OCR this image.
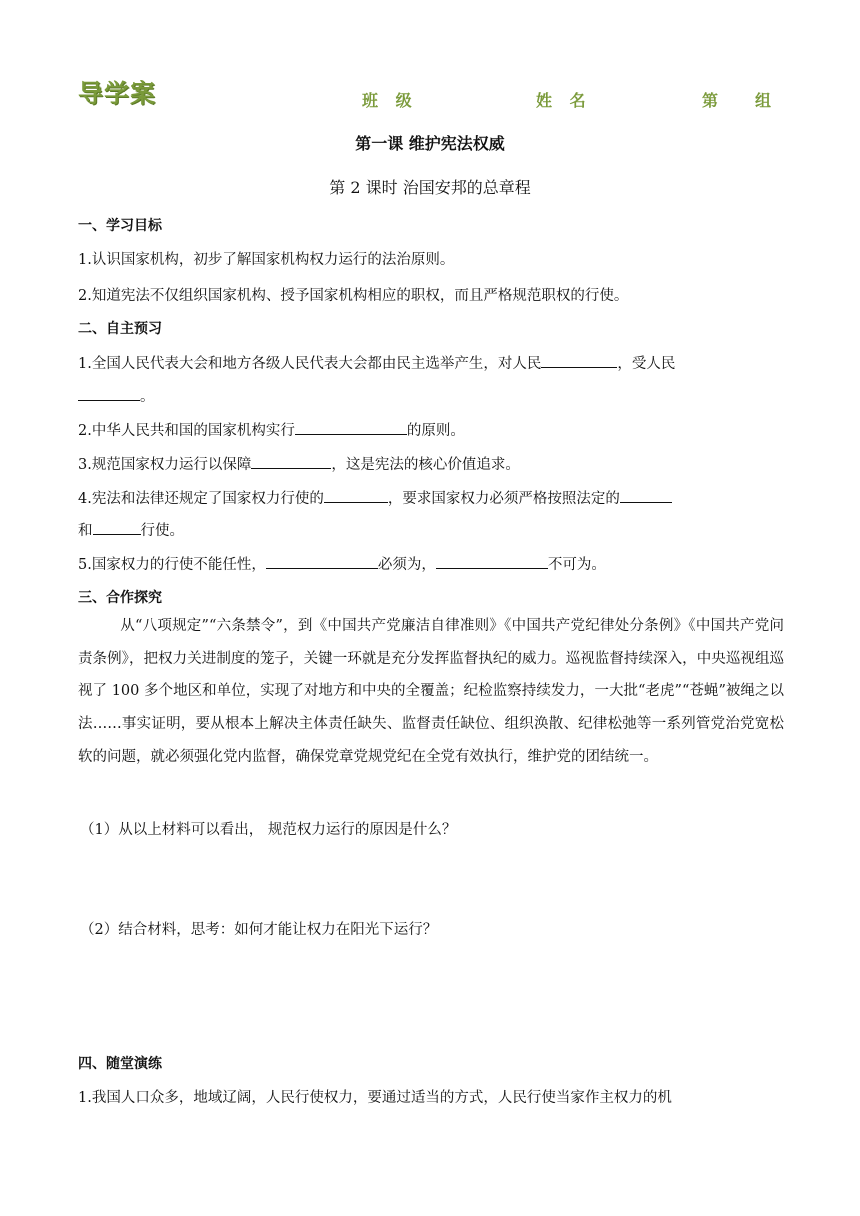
导学案	班 级	姓 名	第 组
第一课 维护宪法权威
第 2 课时 治国安邦的总章程
一、学习目标
1.认识国家机构，初步了解国家机构权力运行的法治原则。
2.知道宪法不仅组织国家机构、授予国家机构相应的职权，而且严格规范职权的行使。
二、自主预习
1.全国人民代表大会和地方各级人民代表大会都由民主选举产生，对人民	，受人民
。
2.中华人民共和国的国家机构实行	的原则。
3.规范国家权力运行以保障	，这是宪法的核心价值追求。
4.宪法和法律还规定了国家权力行使的	，要求国家权力必须严格按照法定的
和	行使。
5.国家权力的行使不能任性，	必须为，	不可为。
三、合作探究
从“八项规定”“六条禁令”，到《中国共产党廉洁自律准则》《中国共产党纪律处分条例》《中国共产党问责条例》，把权力关进制度的笼子，关键一环就是充分发挥监督执纪的威力。巡视监督持续深入，中央巡视组巡视了 100 多个地区和单位，实现了对地方和中央的全覆盖；纪检监察持续发力，一大批“老虎”“苍蝇”被绳之以法……事实证明，要从根本上解决主体责任缺失、监督责任缺位、组织涣散、纪律松弛等一系列管党治党宽松软的问题，就必须强化党内监督，确保党章党规党纪在全党有效执行，维护党的团结统一。
（1）从以上材料可以看出， 规范权力运行的原因是什么？
（2）结合材料，思考：如何才能让权力在阳光下运行？
四、随堂演练
1.我国人口众多，地域辽阔，人民行使权力，要通过适当的方式，人民行使当家作主权力的机
